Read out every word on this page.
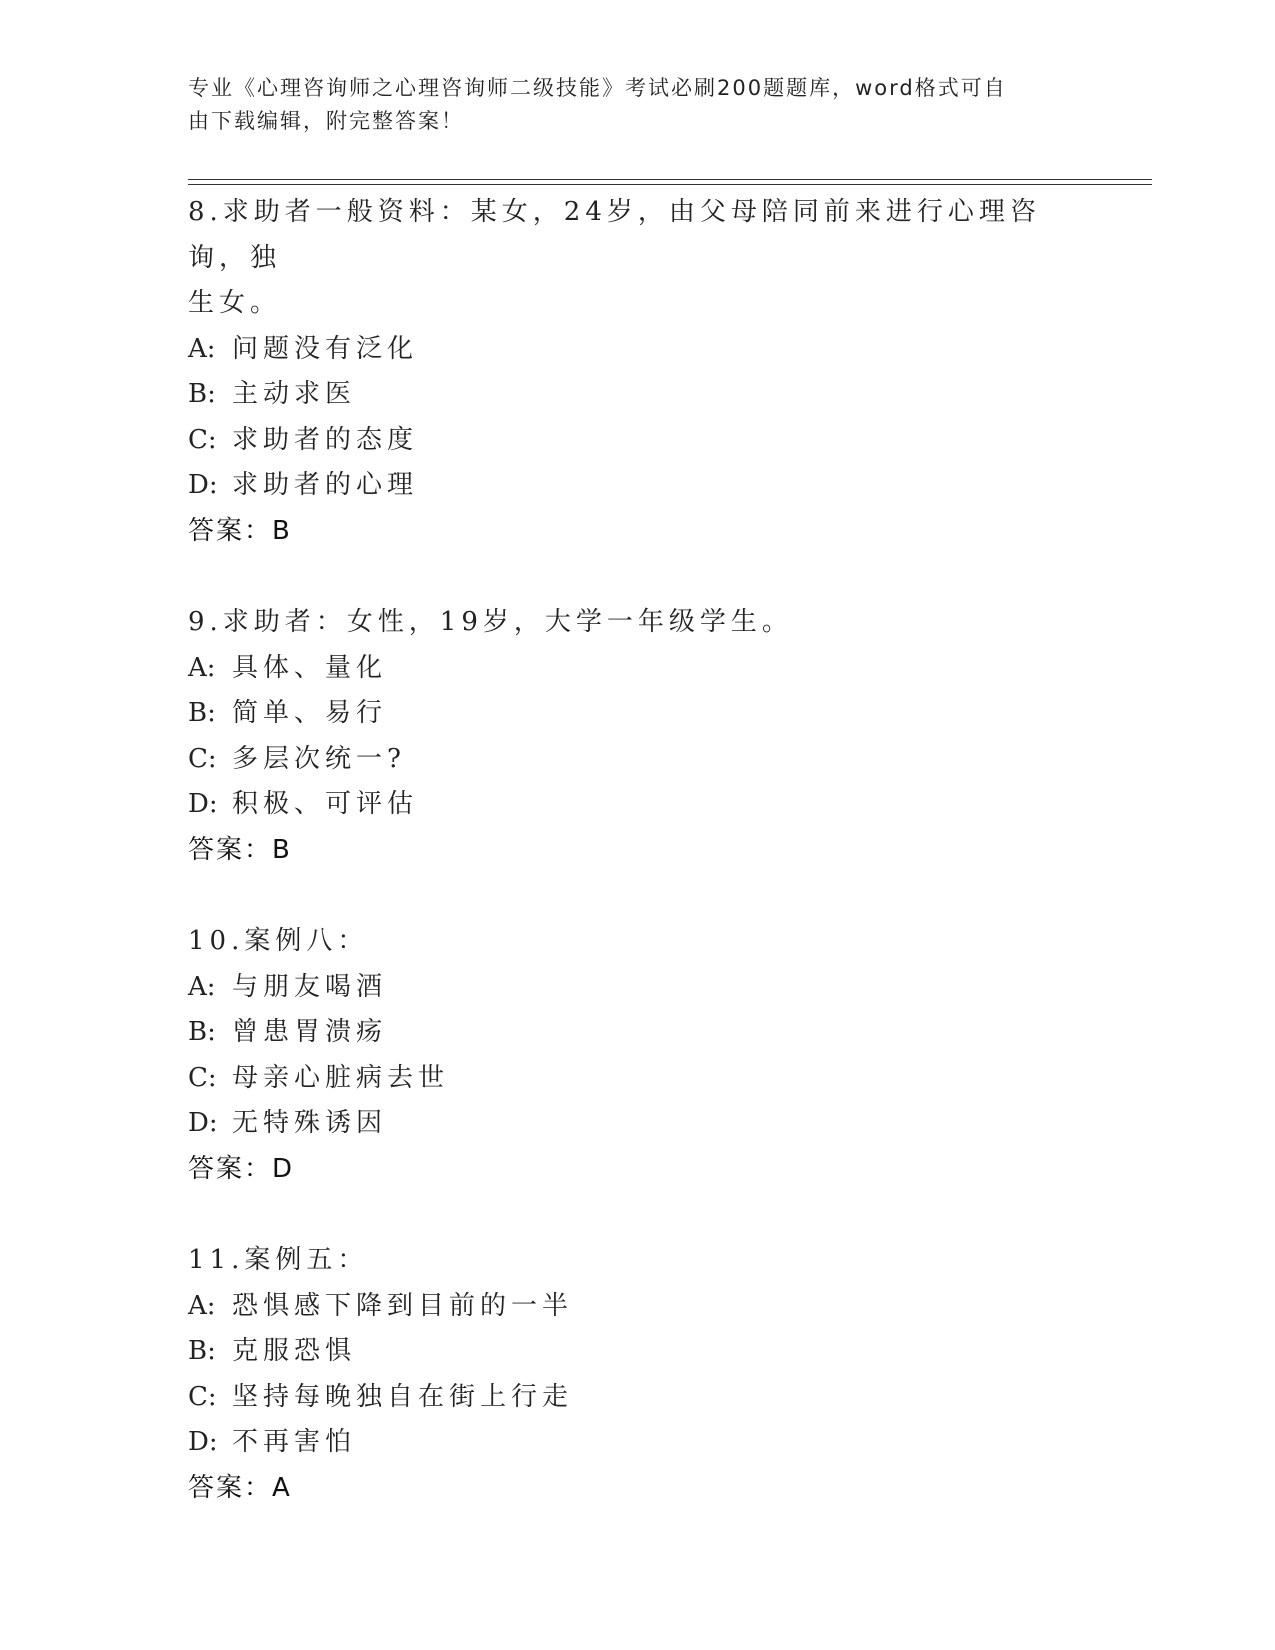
专业《心理咨询师之心理咨询师二级技能》考试必刷200题题库，word格式可自
由下载编辑，附完整答案！
8.求助者一般资料：某女，24岁，由父母陪同前来进行心理咨询，独
生女。
A: 问题没有泛化
B: 主动求医
C: 求助者的态度
D: 求助者的心理
答案：B
9.求助者：女性，19岁，大学一年级学生。
A: 具体、量化
B: 简单、易行
C: 多层次统一?
D: 积极、可评估
答案：B
10.案例八：
A: 与朋友喝酒
B: 曾患胃溃疡
C: 母亲心脏病去世
D: 无特殊诱因
答案：D
11.案例五：
A: 恐惧感下降到目前的一半
B: 克服恐惧
C: 坚持每晚独自在街上行走
D: 不再害怕
答案：A
